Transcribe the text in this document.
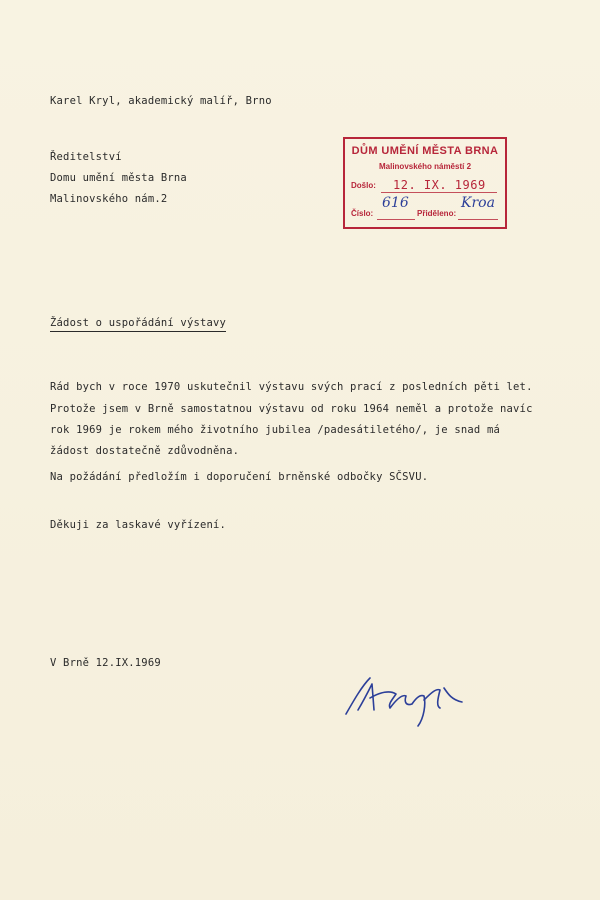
Karel Kryl, akademický malíř, Brno
Ředitelství
Domu umění města Brna
Malinovského nám.2
DŮM UMĚNÍ MĚSTA BRNA
Malinovského náměstí 2
Došlo: 12. IX. 1969
Číslo:	Přiděleno:
616	Kroa
Žádost o uspořádání výstavy
Rád bych v roce 1970 uskutečnil výstavu svých prací z posledních pěti let.
Protože jsem v Brně samostatnou výstavu od roku 1964 neměl a protože navíc
rok 1969 je rokem mého životního jubilea /padesátiletého/, je snad má
žádost dostatečně zdůvodněna.
Na požádání předložím i doporučení brněnské odbočky SČSVU.
Děkuji za laskavé vyřízení.
V Brně 12.IX.1969
